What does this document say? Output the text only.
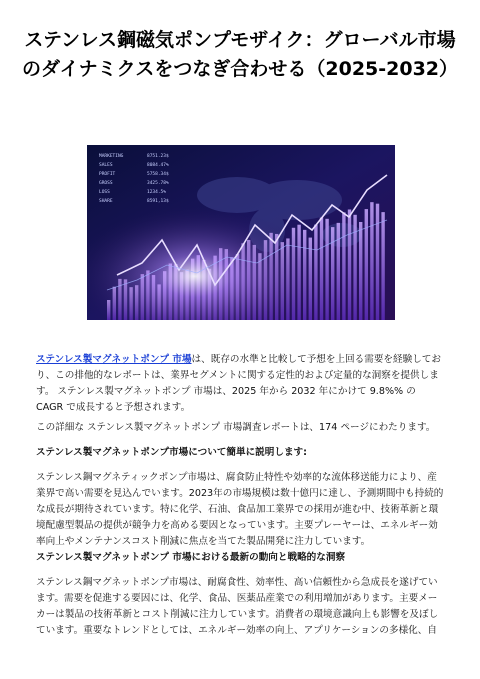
ステンレス鋼磁気ポンプモザイク：グローバル市場のダイナミクスをつなぎ合わせる（2025-2032）
MARKETING	8751.23$
SALES	8084.47%
PROFIT	5758.34$
GROSS	3425.78%
LOSS	1234.5%
SHARE	8591,13$

ステンレス製マグネットポンプ 市場は、既存の水準と比較して予想を上回る需要を経験しており、この排他的なレポートは、業界セグメントに関する定性的および定量的な洞察を提供します。 ステンレス製マグネットポンプ 市場は、2025 年から 2032 年にかけて 9.8%% の CAGR で成長すると予想されます。

この詳細な ステンレス製マグネットポンプ 市場調査レポートは、174 ページにわたります。

ステンレス製マグネットポンプ市場について簡単に説明します:

ステンレス鋼マグネティックポンプ市場は、腐食防止特性や効率的な流体移送能力により、産業界で高い需要を見込んでいます。2023年の市場規模は数十億円に達し、予測期間中も持続的な成長が期待されています。特に化学、石油、食品加工業界での採用が進む中、技術革新と環境配慮型製品の提供が競争力を高める要因となっています。主要プレーヤーは、エネルギー効率向上やメンテナンスコスト削減に焦点を当てた製品開発に注力しています。

ステンレス製マグネットポンプ 市場における最新の動向と戦略的な洞察

ステンレス鋼マグネットポンプ市場は、耐腐食性、効率性、高い信頼性から急成長を遂げています。需要を促進する要因には、化学、食品、医薬品産業での利用増加があります。主要メーカーは製品の技術革新とコスト削減に注力しています。消費者の環境意識向上も影響を及ぼしています。重要なトレンドとしては、エネルギー効率の向上、アプリケーションの多様化、自
